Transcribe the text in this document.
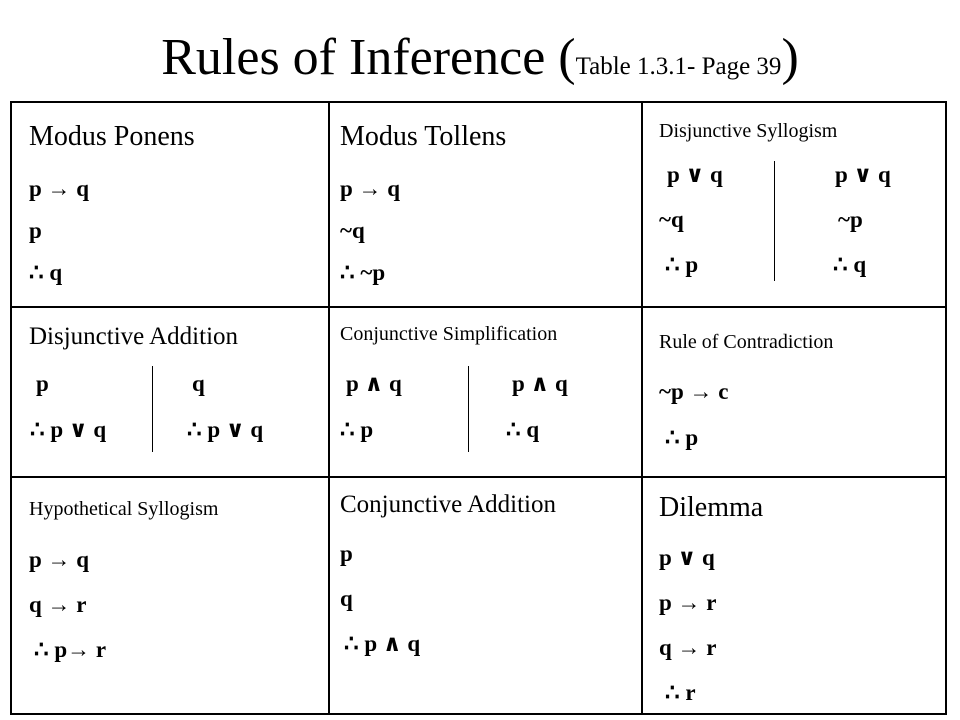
Rules of Inference (Table 1.3.1- Page 39)
Modus Ponens
p → q
p
∴ q
Modus Tollens
p → q
~q
∴ ~p
Disjunctive Syllogism
p ∨ q
~q
∴ p
p ∨ q
~p
∴ q
Disjunctive Addition
p
∴ p ∨ q
q
∴ p ∨ q
Conjunctive Simplification
p ∧ q
∴ p
p ∧ q
∴ q
Rule of Contradiction
~p → c
∴ p
Hypothetical Syllogism
p → q
q → r
∴ p→ r
Conjunctive Addition
p
q
∴ p ∧ q
Dilemma
p ∨ q
p → r
q → r
∴ r
